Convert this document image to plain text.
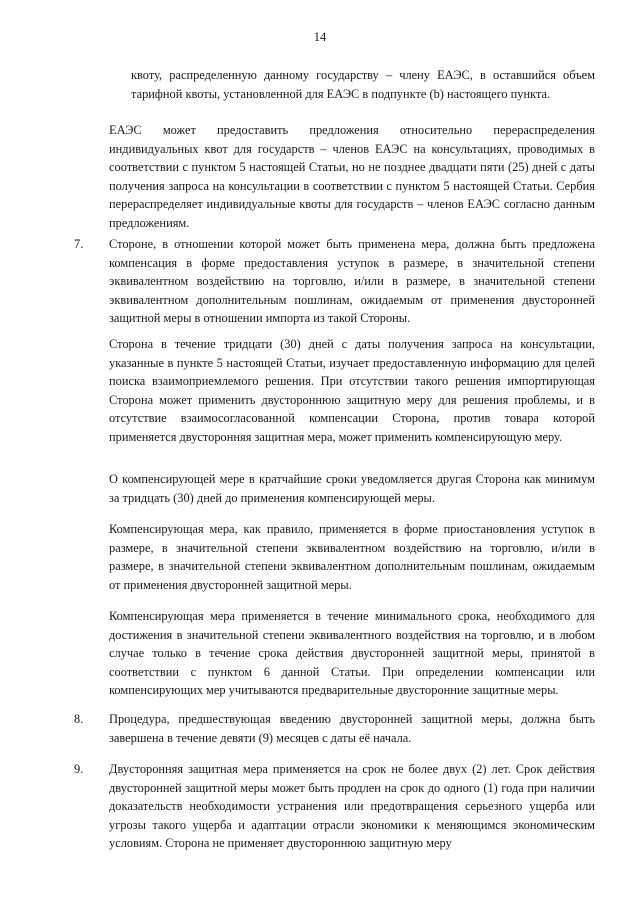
14
квоту, распределенную данному государству – члену ЕАЭС, в оставшийся объем тарифной квоты, установленной для ЕАЭС в подпункте (b) настоящего пункта.
ЕАЭС может предоставить предложения относительно перераспределения индивидуальных квот для государств – членов ЕАЭС на консультациях, проводимых в соответствии с пунктом 5 настоящей Статьи, но не позднее двадцати пяти (25) дней с даты получения запроса на консультации в соответствии с пунктом 5 настоящей Статьи. Сербия перераспределяет индивидуальные квоты для государств – членов ЕАЭС согласно данным предложениям.
7. Стороне, в отношении которой может быть применена мера, должна быть предложена компенсация в форме предоставления уступок в размере, в значительной степени эквивалентном воздействию на торговлю, и/или в размере, в значительной степени эквивалентном дополнительным пошлинам, ожидаемым от применения двусторонней защитной меры в отношении импорта из такой Стороны.
Сторона в течение тридцати (30) дней с даты получения запроса на консультации, указанные в пункте 5 настоящей Статьи, изучает предоставленную информацию для целей поиска взаимоприемлемого решения. При отсутствии такого решения импортирующая Сторона может применить двустороннюю защитную меру для решения проблемы, и в отсутствие взаимосогласованной компенсации Сторона, против товара которой применяется двусторонняя защитная мера, может применить компенсирующую меру.
О компенсирующей мере в кратчайшие сроки уведомляется другая Сторона как минимум за тридцать (30) дней до применения компенсирующей меры.
Компенсирующая мера, как правило, применяется в форме приостановления уступок в размере, в значительной степени эквивалентном воздействию на торговлю, и/или в размере, в значительной степени эквивалентном дополнительным пошлинам, ожидаемым от применения двусторонней защитной меры.
Компенсирующая мера применяется в течение минимального срока, необходимого для достижения в значительной степени эквивалентного воздействия на торговлю, и в любом случае только в течение срока действия двусторонней защитной меры, принятой в соответствии с пунктом 6 данной Статьи. При определении компенсации или компенсирующих мер учитываются предварительные двусторонние защитные меры.
8. Процедура, предшествующая введению двусторонней защитной меры, должна быть завершена в течение девяти (9) месяцев с даты её начала.
9. Двусторонняя защитная мера применяется на срок не более двух (2) лет. Срок действия двусторонней защитной меры может быть продлен на срок до одного (1) года при наличии доказательств необходимости устранения или предотвращения серьезного ущерба или угрозы такого ущерба и адаптации отрасли экономики к меняющимся экономическим условиям. Сторона не применяет двустороннюю защитную меру
